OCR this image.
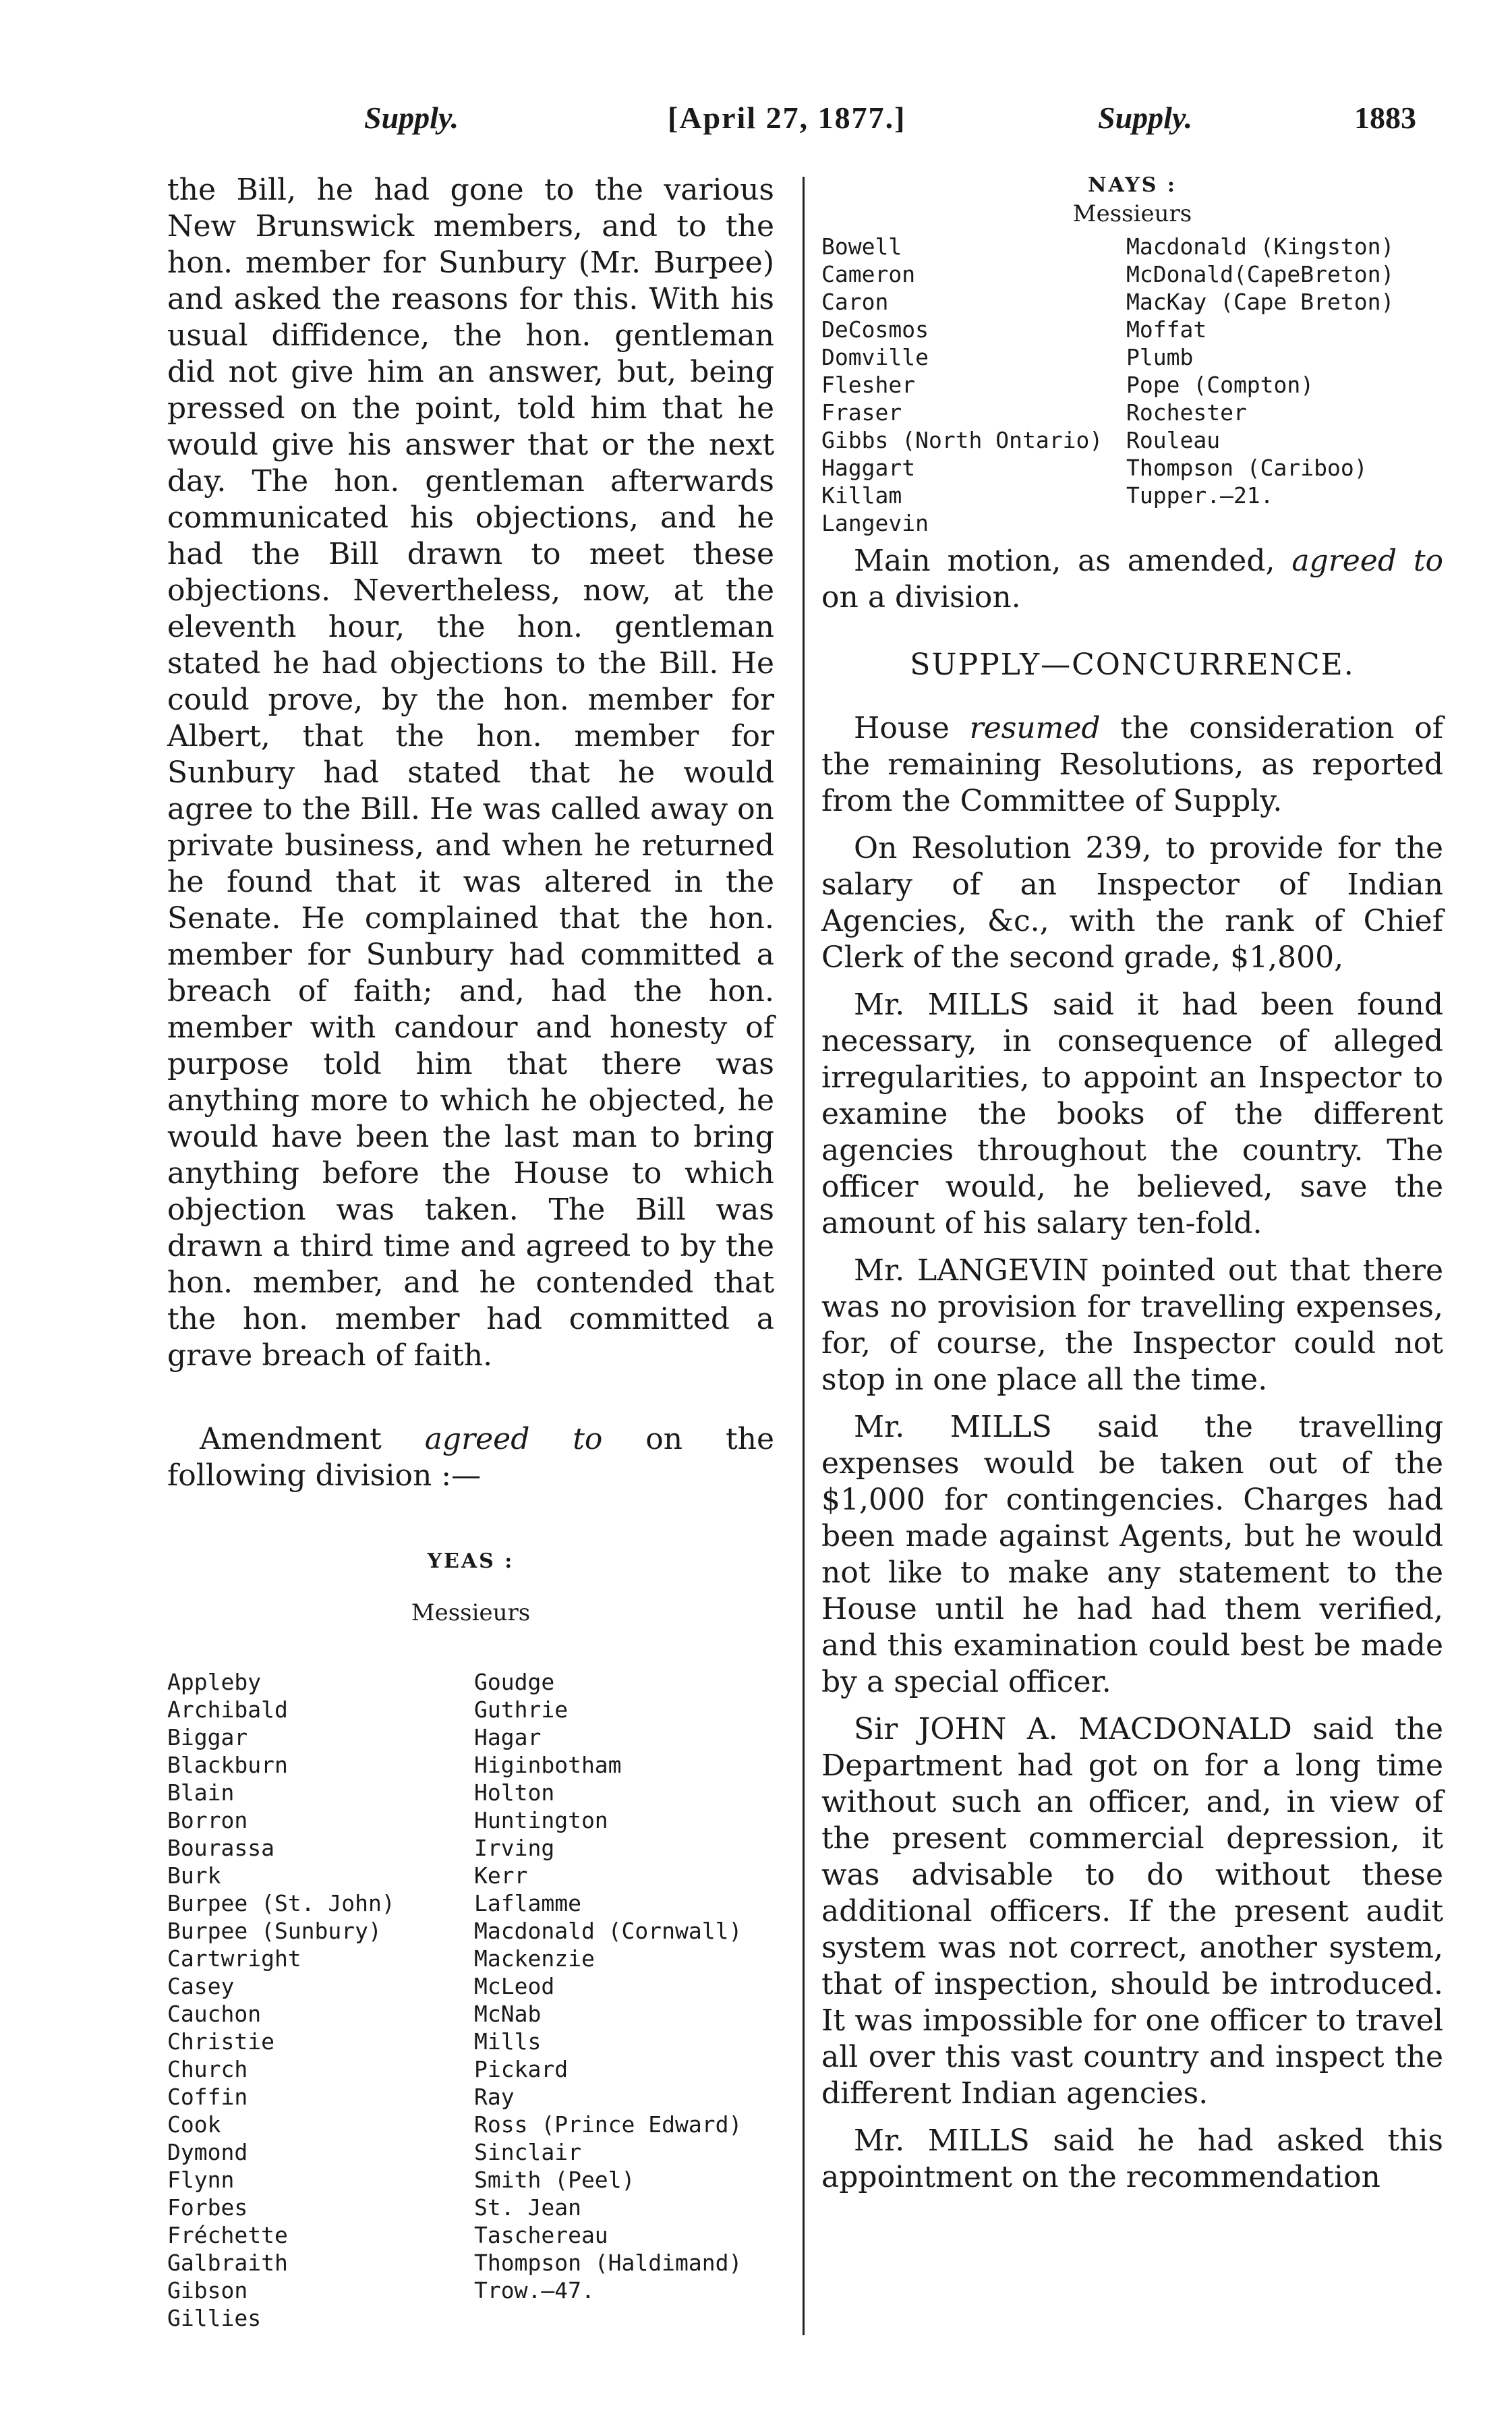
Supply.	[April 27, 1877.]	Supply.	1883

the Bill, he had gone to the various New Brunswick members, and to the hon. member for Sunbury (Mr. Burpee) and asked the reasons for this. With his usual diffidence, the hon. gentleman did not give him an answer, but, being pressed on the point, told him that he would give his answer that or the next day. The hon. gentleman afterwards communicated his objections, and he had the Bill drawn to meet these objections. Nevertheless, now, at the eleventh hour, the hon. gentleman stated he had objections to the Bill. He could prove, by the hon. member for Albert, that the hon. member for Sunbury had stated that he would agree to the Bill. He was called away on private business, and when he returned he found that it was altered in the Senate. He complained that the hon. member for Sunbury had committed a breach of faith; and, had the hon. member with candour and honesty of purpose told him that there was anything more to which he objected, he would have been the last man to bring anything before the House to which objection was taken. The Bill was drawn a third time and agreed to by the hon. member, and he contended that the hon. member had committed a grave breach of faith.

Amendment agreed to on the following division :—

YEAS :
Messieurs
Appleby
Archibald
Biggar
Blackburn
Blain
Borron
Bourassa
Burk
Burpee (St. John)
Burpee (Sunbury)
Cartwright
Casey
Cauchon
Christie
Church
Coffin
Cook
Dymond
Flynn
Forbes
Fréchette
Galbraith
Gibson
Gillies
Goudge
Guthrie
Hagar
Higinbotham
Holton
Huntington
Irving
Kerr
Laflamme
Macdonald (Cornwall)
Mackenzie
McLeod
McNab
Mills
Pickard
Ray
Ross (Prince Edward)
Sinclair
Smith (Peel)
St. Jean
Taschereau
Thompson (Haldimand)
Trow.—47.
NAYS :
Messieurs
Bowell
Cameron
Caron
DeCosmos
Domville
Flesher
Fraser
Gibbs (North Ontario)
Haggart
Killam
Langevin
Macdonald (Kingston)
McDonald(CapeBreton)
MacKay (Cape Breton)
Moffat
Plumb
Pope (Compton)
Rochester
Rouleau
Thompson (Cariboo)
Tupper.—21.

Main motion, as amended, agreed to on a division.

SUPPLY—CONCURRENCE.

House resumed the consideration of the remaining Resolutions, as reported from the Committee of Supply.

On Resolution 239, to provide for the salary of an Inspector of Indian Agencies, &c., with the rank of Chief Clerk of the second grade, $1,800,

Mr. MILLS said it had been found necessary, in consequence of alleged irregularities, to appoint an Inspector to examine the books of the different agencies throughout the country. The officer would, he believed, save the amount of his salary ten-fold.

Mr. LANGEVIN pointed out that there was no provision for travelling expenses, for, of course, the Inspector could not stop in one place all the time.

Mr. MILLS said the travelling expenses would be taken out of the $1,000 for contingencies. Charges had been made against Agents, but he would not like to make any statement to the House until he had had them verified, and this examination could best be made by a special officer.

Sir JOHN A. MACDONALD said the Department had got on for a long time without such an officer, and, in view of the present commercial depression, it was advisable to do without these additional officers. If the present audit system was not correct, another system, that of inspection, should be introduced. It was impossible for one officer to travel all over this vast country and inspect the different Indian agencies.

Mr. MILLS said he had asked this appointment on the recommendation
